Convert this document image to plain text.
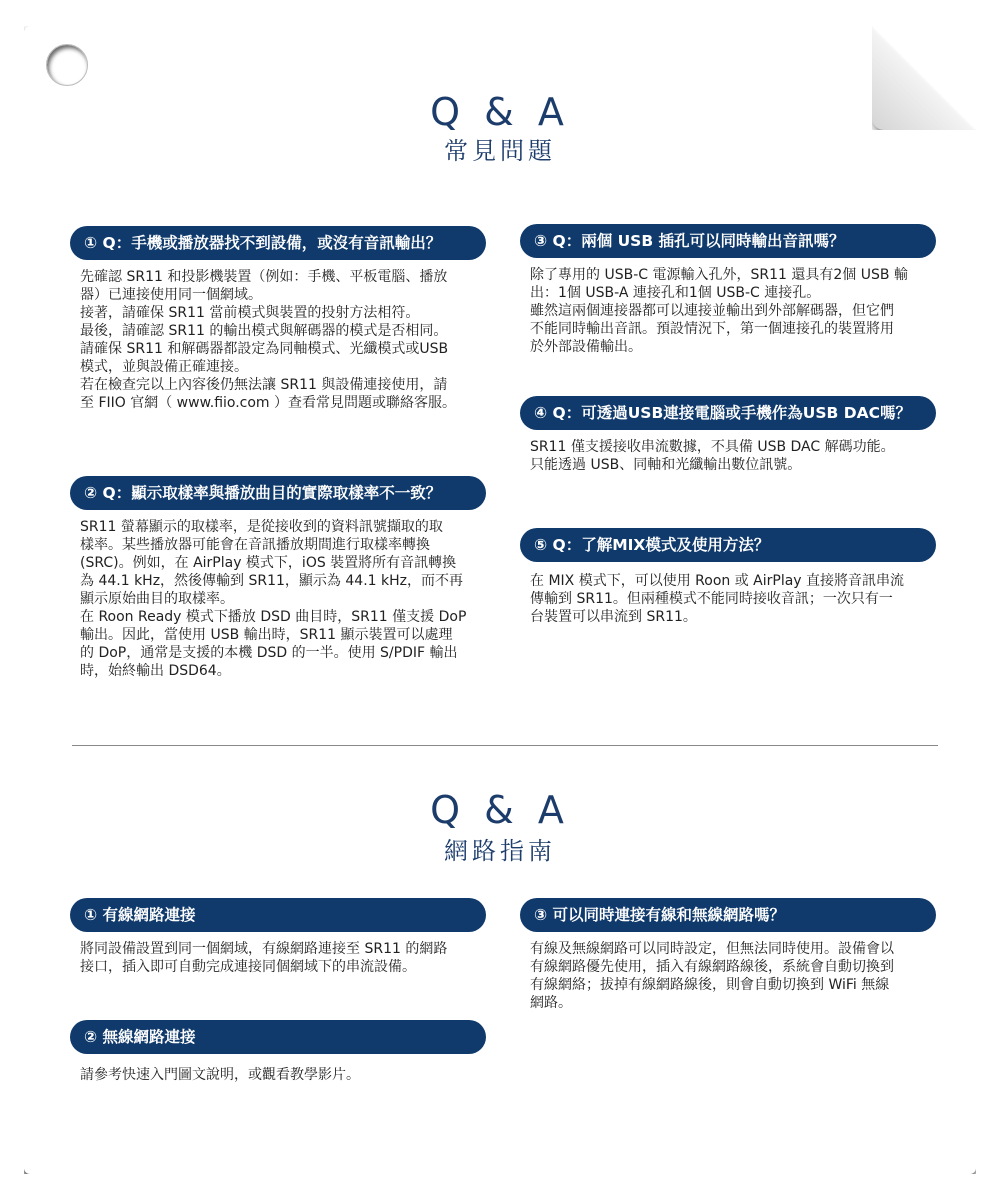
Q & A
常見問題
① Q：手機或播放器找不到設備，或沒有音訊輸出？
先確認 SR11 和投影機裝置（例如：手機、平板電腦、播放
器）已連接使用同一個網域。
接著，請確保 SR11 當前模式與裝置的投射方法相符。
最後，請確認 SR11 的輸出模式與解碼器的模式是否相同。
請確保 SR11 和解碼器都設定為同軸模式、光纖模式或USB
模式，並與設備正確連接。
若在檢查完以上內容後仍無法讓 SR11 與設備連接使用，請
至 FIIO 官網（ www.fiio.com ）查看常見問題或聯絡客服。
② Q：顯示取樣率與播放曲目的實際取樣率不一致？
SR11 螢幕顯示的取樣率，是從接收到的資料訊號擷取的取
樣率。某些播放器可能會在音訊播放期間進行取樣率轉換
(SRC)。例如，在 AirPlay 模式下，iOS 裝置將所有音訊轉換
為 44.1 kHz，然後傳輸到 SR11，顯示為 44.1 kHz，而不再
顯示原始曲目的取樣率。
在 Roon Ready 模式下播放 DSD 曲目時，SR11 僅支援 DoP
輸出。因此，當使用 USB 輸出時，SR11 顯示裝置可以處理
的 DoP，通常是支援的本機 DSD 的一半。使用 S/PDIF 輸出
時，始終輸出 DSD64。
③ Q：兩個 USB 插孔可以同時輸出音訊嗎？
除了專用的 USB-C 電源輸入孔外，SR11 還具有2個 USB 輸
出：1個 USB-A 連接孔和1個 USB-C 連接孔。
雖然這兩個連接器都可以連接並輸出到外部解碼器，但它們
不能同時輸出音訊。預設情況下，第一個連接孔的裝置將用
於外部設備輸出。
④ Q：可透過USB連接電腦或手機作為USB DAC嗎？
SR11 僅支援接收串流數據，不具備 USB DAC 解碼功能。
只能透過 USB、同軸和光纖輸出數位訊號。
⑤ Q：了解MIX模式及使用方法？
在 MIX 模式下，可以使用 Roon 或 AirPlay 直接將音訊串流
傳輸到 SR11。但兩種模式不能同時接收音訊；一次只有一
台裝置可以串流到 SR11。
Q & A
網路指南
① 有線網路連接
將同設備設置到同一個網域，有線網路連接至 SR11 的網路
接口，插入即可自動完成連接同個網域下的串流設備。
② 無線網路連接
請參考快速入門圖文說明，或觀看教學影片。
③ 可以同時連接有線和無線網路嗎？
有線及無線網路可以同時設定，但無法同時使用。設備會以
有線網路優先使用，插入有線網路線後，系統會自動切換到
有線網絡；拔掉有線網路線後，則會自動切換到 WiFi 無線
網路。
